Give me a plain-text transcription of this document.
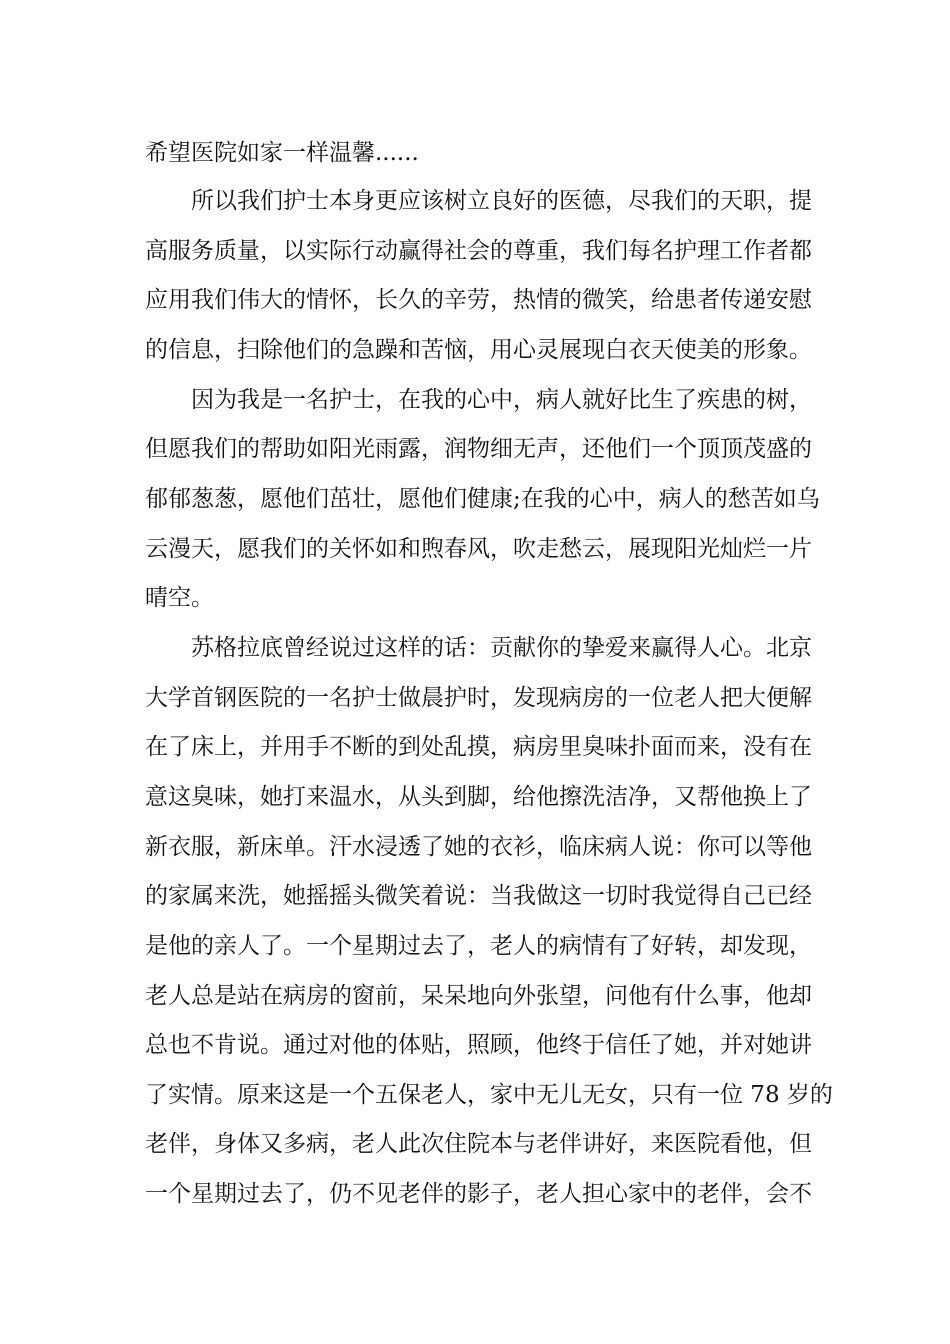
希望医院如家一样温馨......
所以我们护士本身更应该树立良好的医德，尽我们的天职，提
高服务质量，以实际行动赢得社会的尊重，我们每名护理工作者都
应用我们伟大的情怀，长久的辛劳，热情的微笑，给患者传递安慰
的信息，扫除他们的急躁和苦恼，用心灵展现白衣天使美的形象。
因为我是一名护士，在我的心中，病人就好比生了疾患的树，
但愿我们的帮助如阳光雨露，润物细无声，还他们一个顶顶茂盛的
郁郁葱葱，愿他们茁壮，愿他们健康;在我的心中，病人的愁苦如乌
云漫天，愿我们的关怀如和煦春风，吹走愁云，展现阳光灿烂一片
晴空。
苏格拉底曾经说过这样的话：贡献你的挚爱来赢得人心。北京
大学首钢医院的一名护士做晨护时，发现病房的一位老人把大便解
在了床上，并用手不断的到处乱摸，病房里臭味扑面而来，没有在
意这臭味，她打来温水，从头到脚，给他擦洗洁净，又帮他换上了
新衣服，新床单。汗水浸透了她的衣衫，临床病人说：你可以等他
的家属来洗，她摇摇头微笑着说：当我做这一切时我觉得自己已经
是他的亲人了。一个星期过去了，老人的病情有了好转，却发现，
老人总是站在病房的窗前，呆呆地向外张望，问他有什么事，他却
总也不肯说。通过对他的体贴，照顾，他终于信任了她，并对她讲
了实情。原来这是一个五保老人，家中无儿无女，只有一位 78 岁的
老伴，身体又多病，老人此次住院本与老伴讲好，来医院看他，但
一个星期过去了，仍不见老伴的影子，老人担心家中的老伴，会不
